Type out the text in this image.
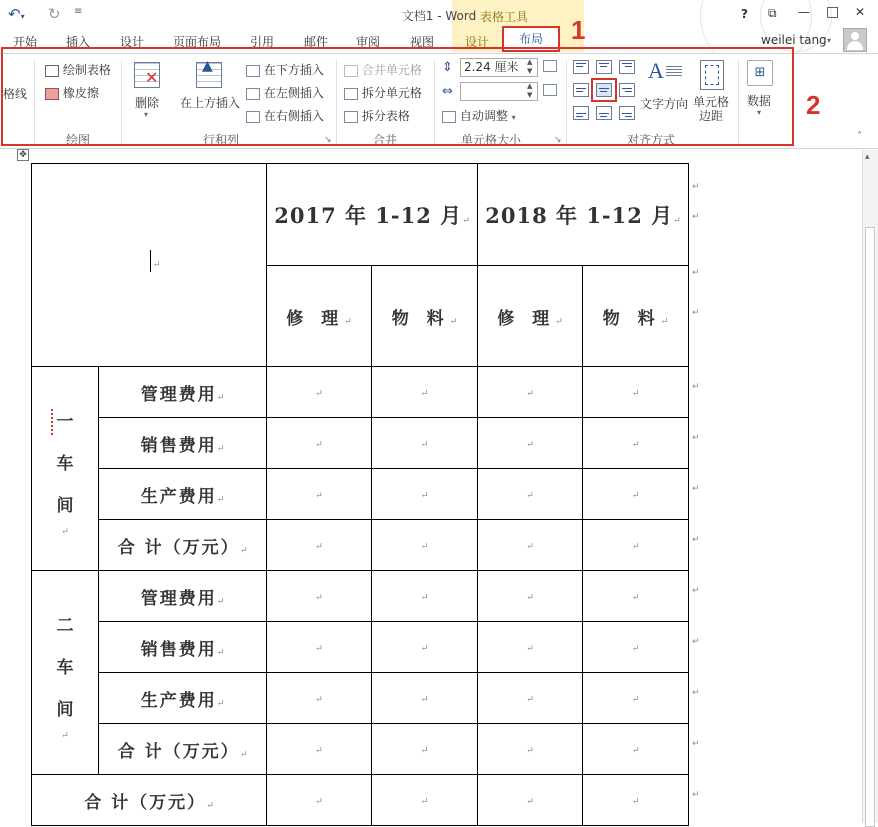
↶▾ ↻ ≡	文档1 - Word 表格工具	? ⧉ — □ ✕
开始 插入 设计 页面布局 引用 邮件 审阅 视图	设计	布局	1	weilei tang ▾
格线
绘制表格
橡皮擦
绘图
✕
删除
▾
▲
在上方插入
在下方插入
在左侧插入
在右侧插入
行和列	↘
合并单元格
拆分单元格
拆分表格
合并
⇕ 2.24 厘米	▲
▼
⇔	▲
▼
自动调整 ▾
单元格大小	↘
A
文字方向 单元格
边距
对齐方式
⊞
数据
▾ 2
˄
▴
✥
↵		2017 年 1-12 月↵		2018 年 1-12 月↵	
		修 理↵	物 料↵	修 理↵	物 料↵

一
车
间
↵	管理费用↵	↵	↵	↵	↵
	销售费用↵	↵	↵	↵	↵
	生产费用↵	↵	↵	↵	↵
	合 计（万元）↵	↵	↵	↵	↵

二
车
间
↵	管理费用↵	↵	↵	↵	↵
	销售费用↵	↵	↵	↵	↵
	生产费用↵	↵	↵	↵	↵
	合 计（万元）↵	↵	↵	↵	↵
合 计（万元）↵		↵	↵	↵	↵
↵
↵
↵
↵
↵
↵
↵
↵
↵
↵
↵
↵
↵
